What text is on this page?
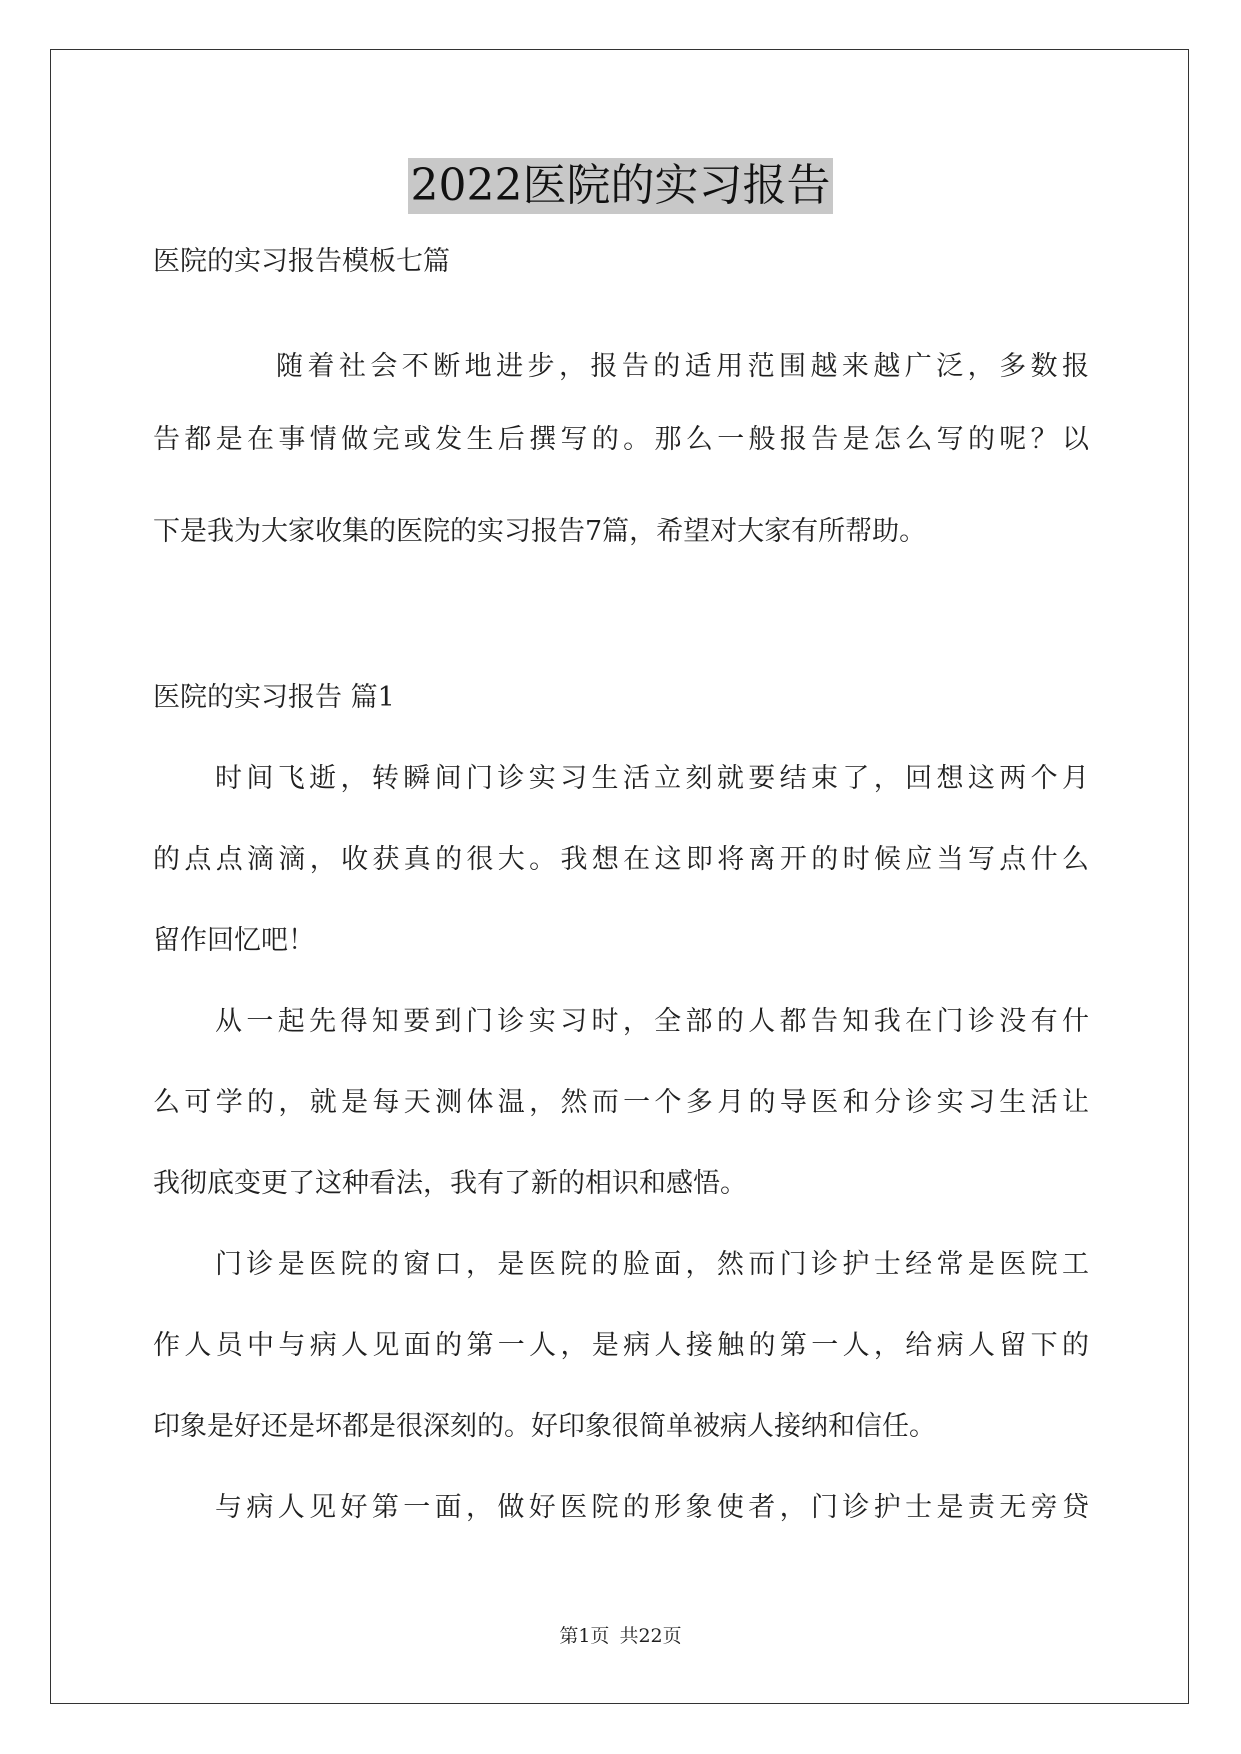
2022医院的实习报告
医院的实习报告模板七篇
随着社会不断地进步，报告的适用范围越来越广泛，多数报
告都是在事情做完或发生后撰写的。那么一般报告是怎么写的呢？以
下是我为大家收集的医院的实习报告7篇，希望对大家有所帮助。
医院的实习报告 篇1
时间飞逝，转瞬间门诊实习生活立刻就要结束了，回想这两个月
的点点滴滴，收获真的很大。我想在这即将离开的时候应当写点什么
留作回忆吧！
从一起先得知要到门诊实习时，全部的人都告知我在门诊没有什
么可学的，就是每天测体温，然而一个多月的导医和分诊实习生活让
我彻底变更了这种看法，我有了新的相识和感悟。
门诊是医院的窗口，是医院的脸面，然而门诊护士经常是医院工
作人员中与病人见面的第一人，是病人接触的第一人，给病人留下的
印象是好还是坏都是很深刻的。好印象很简单被病人接纳和信任。
与病人见好第一面，做好医院的形象使者，门诊护士是责无旁贷
第1页 共22页
